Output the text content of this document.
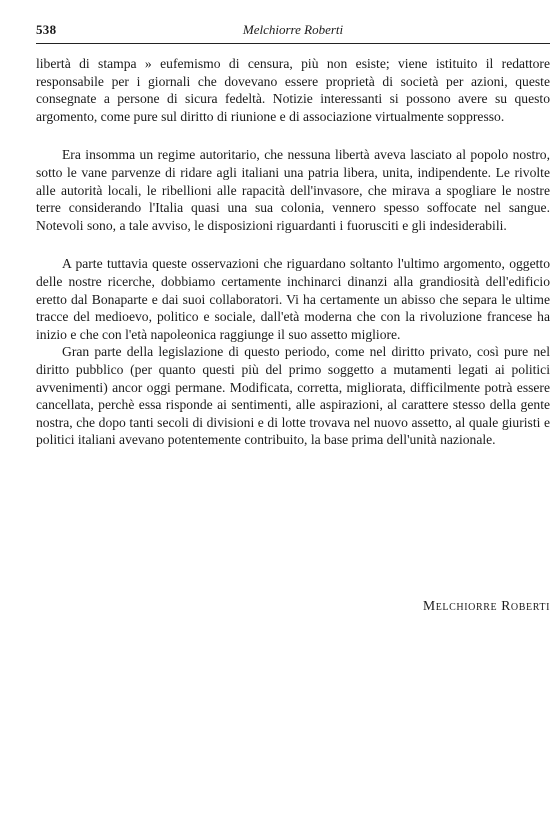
538	Melchiorre Roberti

libertà di stampa » eufemismo di censura, più non esiste; viene istituito il redattore responsabile per i giornali che dovevano essere proprietà di società per azioni, queste consegnate a persone di sicura fedeltà. Notizie interessanti si possono avere su questo argomento, come pure sul diritto di riunione e di associazione virtualmente soppresso.

Era insomma un regime autoritario, che nessuna libertà aveva lasciato al popolo nostro, sotto le vane parvenze di ridare agli italiani una patria libera, unita, indipendente. Le rivolte alle autorità locali, le ribellioni alle rapacità dell'invasore, che mirava a spogliare le nostre terre considerando l'Italia quasi una sua colonia, vennero spesso soffocate nel sangue. Notevoli sono, a tale avviso, le disposizioni riguardanti i fuorusciti e gli indesiderabili.

A parte tuttavia queste osservazioni che riguardano soltanto l'ultimo argomento, oggetto delle nostre ricerche, dobbiamo certamente inchinarci dinanzi alla grandiosità dell'edificio eretto dal Bonaparte e dai suoi collaboratori. Vi ha certamente un abisso che separa le ultime tracce del medioevo, politico e sociale, dall'età moderna che con la rivoluzione francese ha inizio e che con l'età napoleonica raggiunge il suo assetto migliore.

Gran parte della legislazione di questo periodo, come nel diritto privato, così pure nel diritto pubblico (per quanto questi più del primo soggetto a mutamenti legati ai politici avvenimenti) ancor oggi permane. Modificata, corretta, migliorata, difficilmente potrà essere cancellata, perchè essa risponde ai sentimenti, alle aspirazioni, al carattere stesso della gente nostra, che dopo tanti secoli di divisioni e di lotte trovava nel nuovo assetto, al quale giuristi e politici italiani avevano potentemente contribuito, la base prima dell'unità nazionale.

Melchiorre Roberti
